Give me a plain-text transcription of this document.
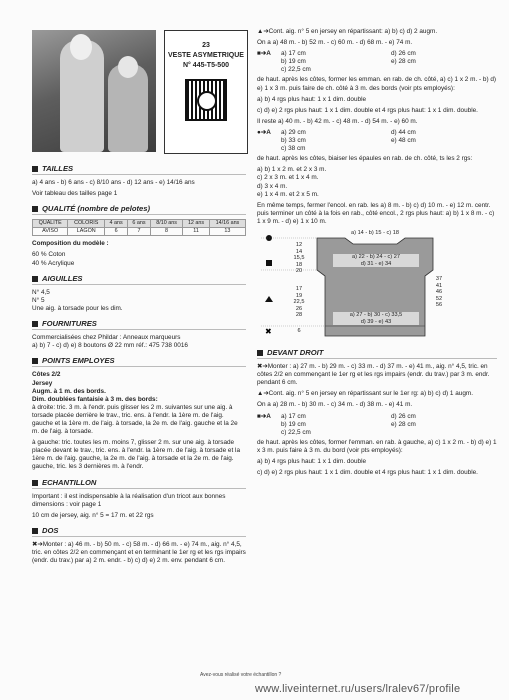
23
VESTE ASYMETRIQUE
N° 445-T5-500
TAILLES
a) 4 ans - b) 6 ans - c) 8/10 ans - d) 12 ans - e) 14/16 ans
Voir tableau des tailles page 1
QUALITÉ (nombre de pelotes)
QUALITE	COLORIS	4 ans	6 ans	8/10 ans	12 ans	14/16 ans
AVISO	LAGON	6	7	8	11	13
Composition du modèle :
60 % Coton
40 % Acrylique
AIGUILLES
N° 4,5
N° 5
Une aig. à torsade pour les dim.
FOURNITURES
Commercialisées chez Phildar : Anneaux marqueurs
a) b) 7 - c) d) e) 8 boutons Ø 22 mm réf.: 475 738 0016
POINTS EMPLOYES
Côtes 2/2
Jersey
Augm. à 1 m. des bords.
Dim. doublées fantaisie à 3 m. des bords:
à droite: tric. 3 m. à l'endr. puis glisser les 2 m. suivantes sur une aig. à torsade placée derrière le trav., tric. ens. à l'endr. la 1ère m. de l'aig. gauche et la 1ère m. de l'aig. à torsade, la 2e m. de l'aig. gauche et la 2e m. de l'aig. à torsade.
à gauche: tric. toutes les m. moins 7, glisser 2 m. sur une aig. à torsade placée devant le trav., tric. ens. à l'endr. la 1ère m. de l'aig. à torsade et la 1ère m. de l'aig. gauche, la 2e m. de l'aig. à torsade et la 2e m. de l'aig. gauche, tric. les 3 dernières m. à l'endr.
ECHANTILLON
Important : il est indispensable à la réalisation d'un tricot aux bonnes dimensions : voir page 1
10 cm de jersey, aig. n° 5 = 17 m. et 22 rgs
DOS
✖➔Monter : a) 46 m. - b) 50 m. - c) 58 m. - d) 66 m. - e) 74 m., aig. n° 4,5, tric. en côtes 2/2 en commençant et en terminant le 1er rg et les rgs impairs (endr. du trav.) par a) 2 m. endr. - b) c) d) e) 2 m. env. pendant 6 cm.
▲➔Cont. aig. n° 5 en jersey en répartissant: a) b) c) d) 2 augm.
On a a) 48 m. - b) 52 m. - c) 60 m. - d) 68 m. - e) 74 m.
■➔A	a) 17 cm	d) 26 cm
b) 19 cm	e) 28 cm
c) 22,5 cm
de haut. après les côtes, former les emman. en rab. de ch. côté, a) c) 1 x 2 m. - b) d) e) 1 x 3 m. puis faire de ch. côté à 3 m. des bords (voir pts employés):
a) b) 4 rgs plus haut: 1 x 1 dim. double
c) d) e) 2 rgs plus haut: 1 x 1 dim. double et 4 rgs plus haut: 1 x 1 dim. double.
Il reste a) 40 m. - b) 42 m. - c) 48 m. - d) 54 m. - e) 60 m.
●➔A	a) 29 cm	d) 44 cm
b) 33 cm	e) 48 cm
c) 38 cm
de haut. après les côtes, biaiser les épaules en rab. de ch. côté, ts les 2 rgs:
a) b) 1 x 2 m. et 2 x 3 m.
c) 2 x 3 m. et 1 x 4 m.
d) 3 x 4 m.
e) 1 x 4 m. et 2 x 5 m.
En même temps, fermer l'encol. en rab. les a) 8 m. - b) c) d) 10 m. - e) 12 m. centr. puis terminer un côté à la fois en rab., côté encol., 2 rgs plus haut: a) b) 1 x 8 m. - c) 1 x 9 m. - d) e) 1 x 10 m.
✖
a) 14 - b) 15 - c) 18
12
14
15,5
18
20
a) 22 - b) 24 - c) 27
d) 31 - e) 34
37
41
46
52
56
17
19
22,5
26
28	a) 27 - b) 30 - c) 33,5
d) 39 - e) 43
6
DEVANT DROIT
✖➔Monter : a) 27 m. - b) 29 m. - c) 33 m. - d) 37 m. - e) 41 m., aig. n° 4,5, tric. en côtes 2/2 en commençant le 1er rg et les rgs impairs (endr. du trav.) par 3 m. endr. pendant 6 cm.
▲➔Cont. aig. n° 5 en jersey en répartissant sur le 1er rg: a) b) c) d) 1 augm.
On a a) 28 m. - b) 30 m. - c) 34 m. - d) 38 m. - e) 41 m.
■➔A	a) 17 cm	d) 26 cm
b) 19 cm	e) 28 cm
c) 22,5 cm
de haut. après les côtes, former l'emman. en rab. à gauche, a) c) 1 x 2 m. - b) d) e) 1 x 3 m. puis faire à 3 m. du bord (voir pts employés):
a) b) 4 rgs plus haut: 1 x 1 dim. double
c) d) e) 2 rgs plus haut: 1 x 1 dim. double et 4 rgs plus haut: 1 x 1 dim. double.
Avez-vous réalisé votre échantillon ?
www.liveinternet.ru/users/lralev67/profile
